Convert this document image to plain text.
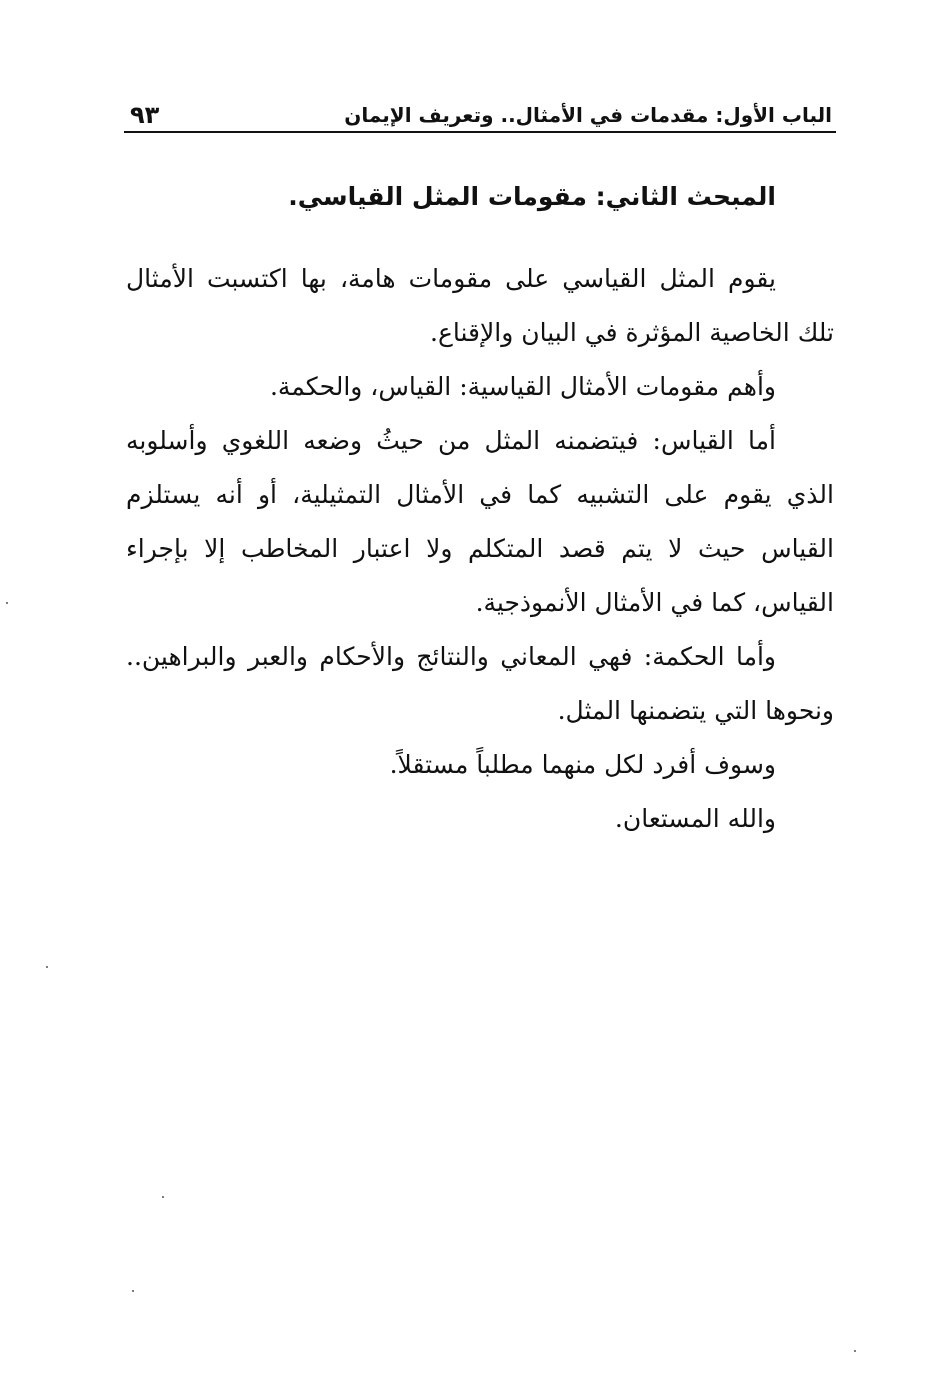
الباب الأول: مقدمات في الأمثال.. وتعريف الإيمان
٩٣
المبحث الثاني: مقومات المثل القياسي.

يقوم المثل القياسي على مقومات هامة، بها اكتسبت الأمثال تلك الخاصية المؤثرة في البيان والإقناع.

وأهم مقومات الأمثال القياسية: القياس، والحكمة.

أما القياس: فيتضمنه المثل من حيثُ وضعه اللغوي وأسلوبه الذي يقوم على التشبيه كما في الأمثال التمثيلية، أو أنه يستلزم القياس حيث لا يتم قصد المتكلم ولا اعتبار المخاطب إلا بإجراء القياس، كما في الأمثال الأنموذجية.

وأما الحكمة: فهي المعاني والنتائج والأحكام والعبر والبراهين.. ونحوها التي يتضمنها المثل.

وسوف أفرد لكل منهما مطلباً مستقلاً.

والله المستعان.
